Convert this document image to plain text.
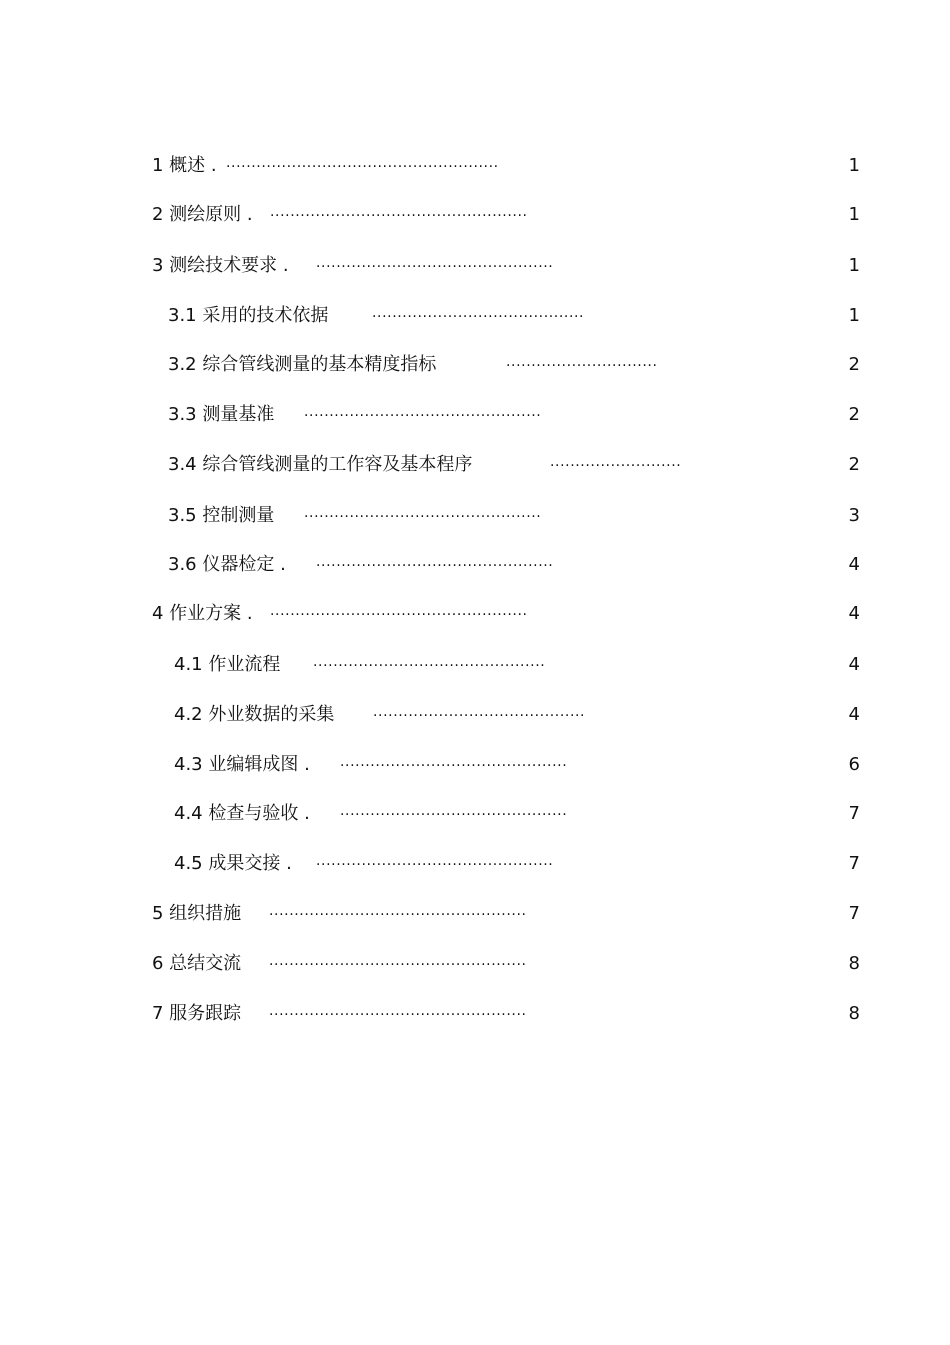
1 概述 . ......................................................	1
2 测绘原则 . ...................................................	1
3 测绘技术要求 . ...............................................	1
3.1 采用的技术依据	..........................................	1
3.2 综合管线测量的基本精度指标	..............................	2
3.3 测量基准 ...............................................	2
3.4 综合管线测量的工作容及基本程序	..........................	2
3.5 控制测量 ...............................................	3
3.6 仪器检定 . ...............................................	4
4 作业方案 . ...................................................	4
4.1 作业流程 ..............................................	4
4.2 外业数据的采集	..........................................	4
4.3 业编辑成图 . .............................................	6
4.4 检查与验收 . .............................................	7
4.5 成果交接 . ...............................................	7
5 组织措施 ...................................................	7
6 总结交流 ...................................................	8
7 服务跟踪 ...................................................	8
